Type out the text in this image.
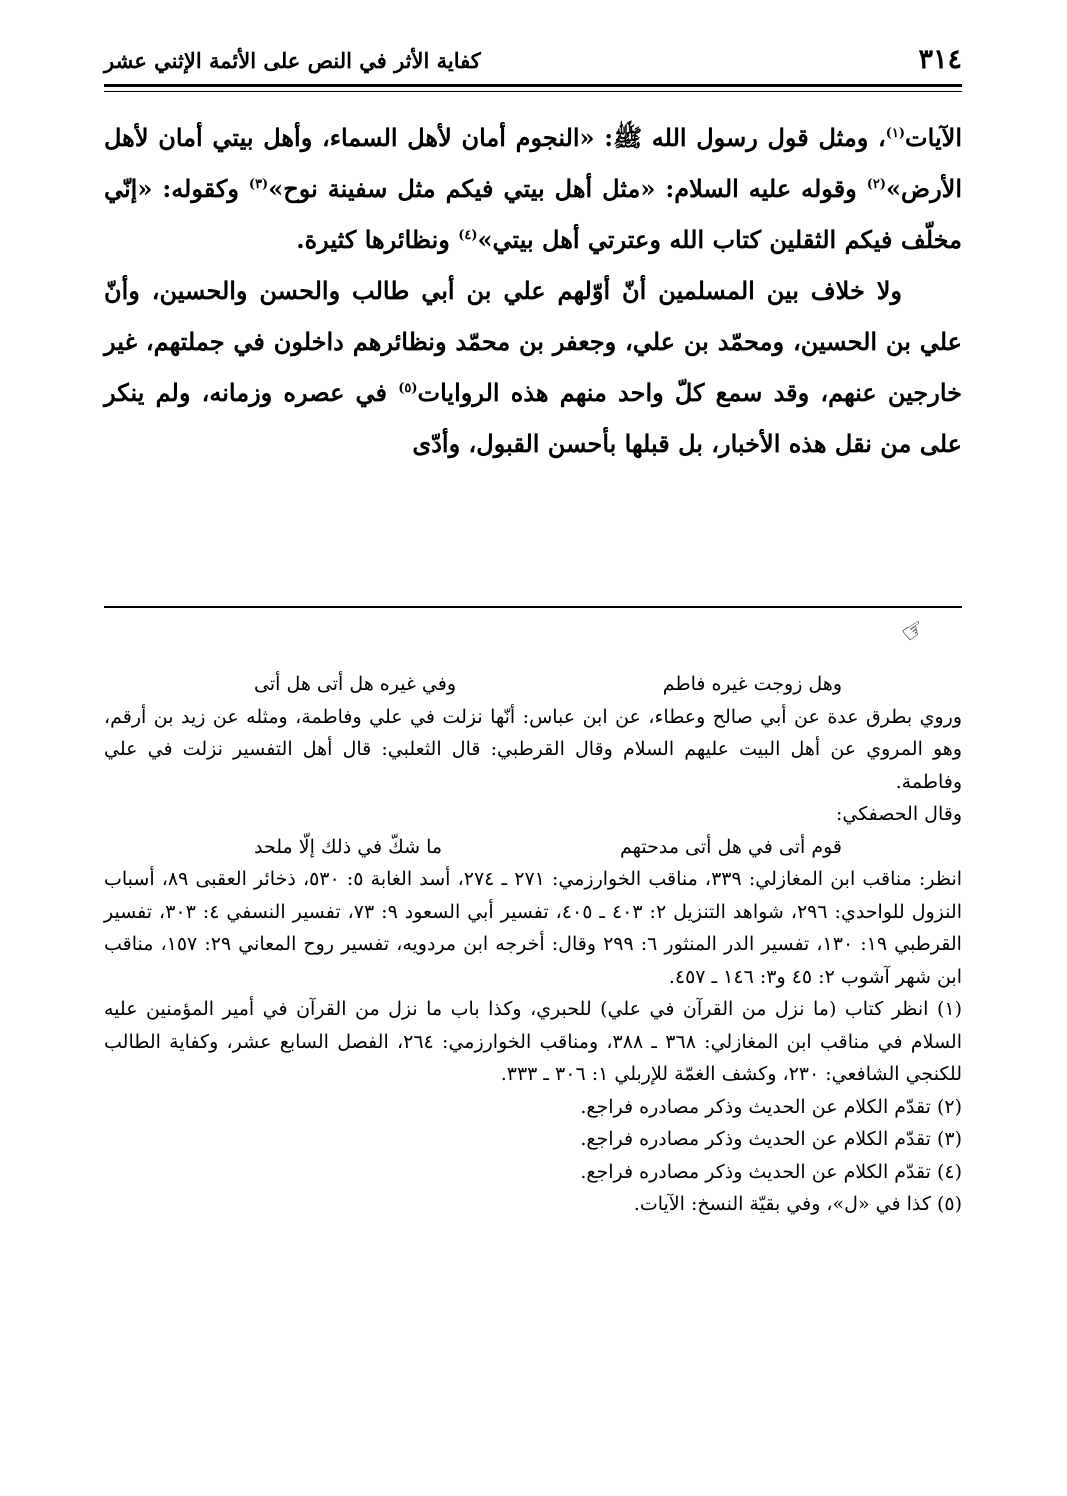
٣١٤
كفاية الأثر في النص على الأئمة الإثني عشر

الآيات$^{(١)}$، ومثل قول رسول الله ﷺ: «النجوم أمان لأهل السماء، وأهل بيتي أمان لأهل الأرض»$^{(٢)}$ وقوله عليه السلام: «مثل أهل بيتي فيكم مثل سفينة نوح»$^{(٣)}$ وكقوله: «إنّي مخلّف فيكم الثقلين كتاب الله وعترتي أهل بيتي»$^{(٤)}$ ونظائرها كثيرة.

ولا خلاف بين المسلمين أنّ أوّلهم علي بن أبي طالب والحسن والحسين، وأنّ علي بن الحسين، ومحمّد بن علي، وجعفر بن محمّد ونظائرهم داخلون في جملتهم، غير خارجين عنهم، وقد سمع كلّ واحد منهم هذه الروايات$^{(٥)}$ في عصره وزمانه، ولم ينكر على من نقل هذه الأخبار، بل قبلها بأحسن القبول، وأدّى

☞
وهل زوجت غيره فاطم
وفي غيره هل أتى هل أتى

وروي بطرق عدة عن أبي صالح وعطاء، عن ابن عباس: أنّها نزلت في علي وفاطمة، ومثله عن زيد بن أرقم، وهو المروي عن أهل البيت عليهم السلام وقال القرطبي: قال الثعلبي: قال أهل التفسير نزلت في علي وفاطمة.

وقال الحصفكي:

قوم أتى في هل أتى مدحتهم
ما شكّ في ذلك إلّا ملحد

انظر: مناقب ابن المغازلي: ٣٣٩، مناقب الخوارزمي: ٢٧١ ـ ٢٧٤، أسد الغابة ٥: ٥٣٠، ذخائر العقبى ٨٩، أسباب النزول للواحدي: ٢٩٦، شواهد التنزيل ٢: ٤٠٣ ـ ٤٠٥، تفسير أبي السعود ٩: ٧٣، تفسير النسفي ٤: ٣٠٣، تفسير القرطبي ١٩: ١٣٠، تفسير الدر المنثور ٦: ٢٩٩ وقال: أخرجه ابن مردويه، تفسير روح المعاني ٢٩: ١٥٧، مناقب ابن شهر آشوب ٢: ٤٥ و٣: ١٤٦ ـ ٤٥٧.

(١) انظر كتاب (ما نزل من القرآن في علي) للحبري، وكذا باب ما نزل من القرآن في أمير المؤمنين عليه السلام في مناقب ابن المغازلي: ٣٦٨ ـ ٣٨٨، ومناقب الخوارزمي: ٢٦٤، الفصل السابع عشر، وكفاية الطالب للكنجي الشافعي: ٢٣٠، وكشف الغمّة للإربلي ١: ٣٠٦ ـ ٣٣٣.

(٢) تقدّم الكلام عن الحديث وذكر مصادره فراجع.

(٣) تقدّم الكلام عن الحديث وذكر مصادره فراجع.

(٤) تقدّم الكلام عن الحديث وذكر مصادره فراجع.

(٥) كذا في «ل»، وفي بقيّة النسخ: الآيات.
